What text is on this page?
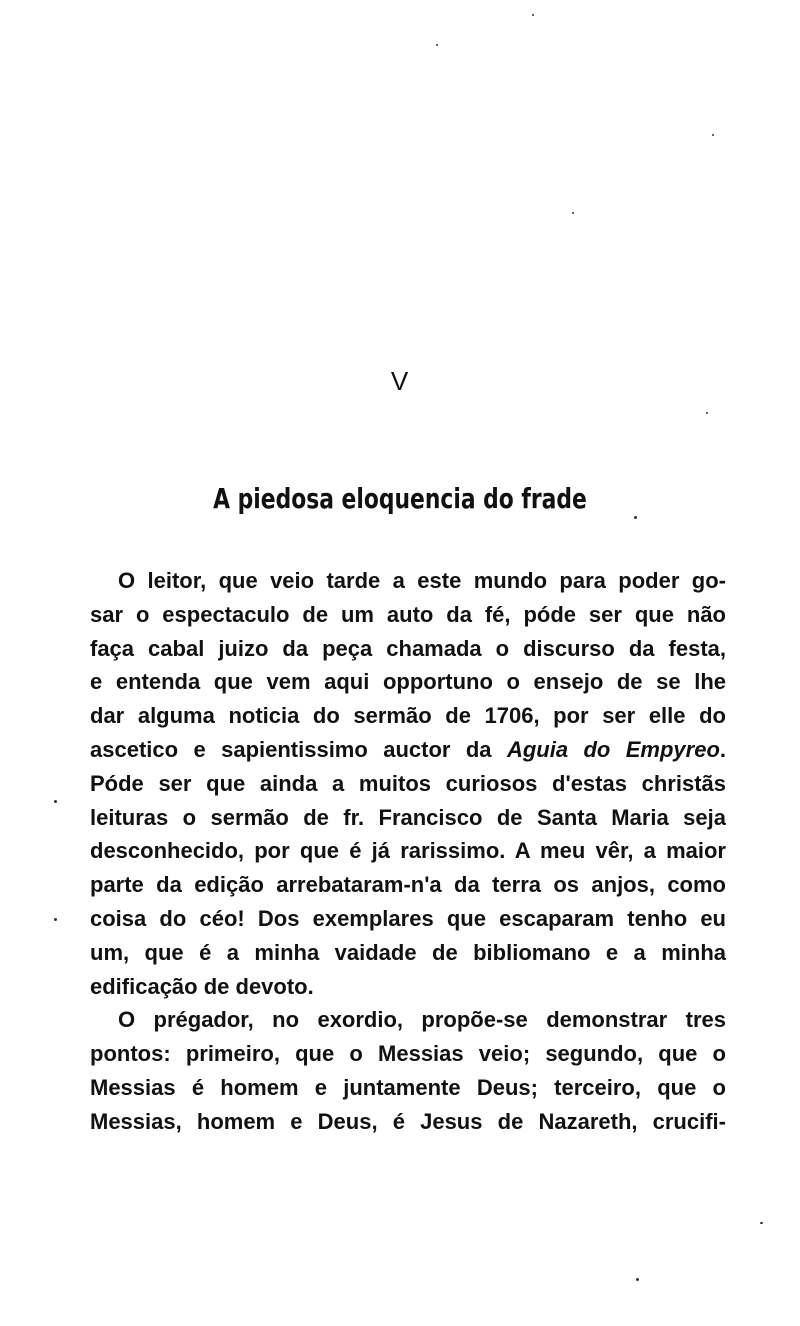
V
A piedosa eloquencia do frade
O leitor, que veio tarde a este mundo para poder go-
sar o espectaculo de um auto da fé, póde ser que não
faça cabal juizo da peça chamada o discurso da festa,
e entenda que vem aqui opportuno o ensejo de se lhe
dar alguma noticia do sermão de 1706, por ser elle do
ascetico e sapientissimo auctor da Aguia do Empyreo.
Póde ser que ainda a muitos curiosos d'estas christãs
leituras o sermão de fr. Francisco de Santa Maria seja
desconhecido, por que é já rarissimo. A meu vêr, a maior
parte da edição arrebataram-n'a da terra os anjos, como
coisa do céo! Dos exemplares que escaparam tenho eu
um, que é a minha vaidade de bibliomano e a minha
edificação de devoto.
O prégador, no exordio, propõe-se demonstrar tres
pontos: primeiro, que o Messias veio; segundo, que o
Messias é homem e juntamente Deus; terceiro, que o
Messias, homem e Deus, é Jesus de Nazareth, crucifi-
